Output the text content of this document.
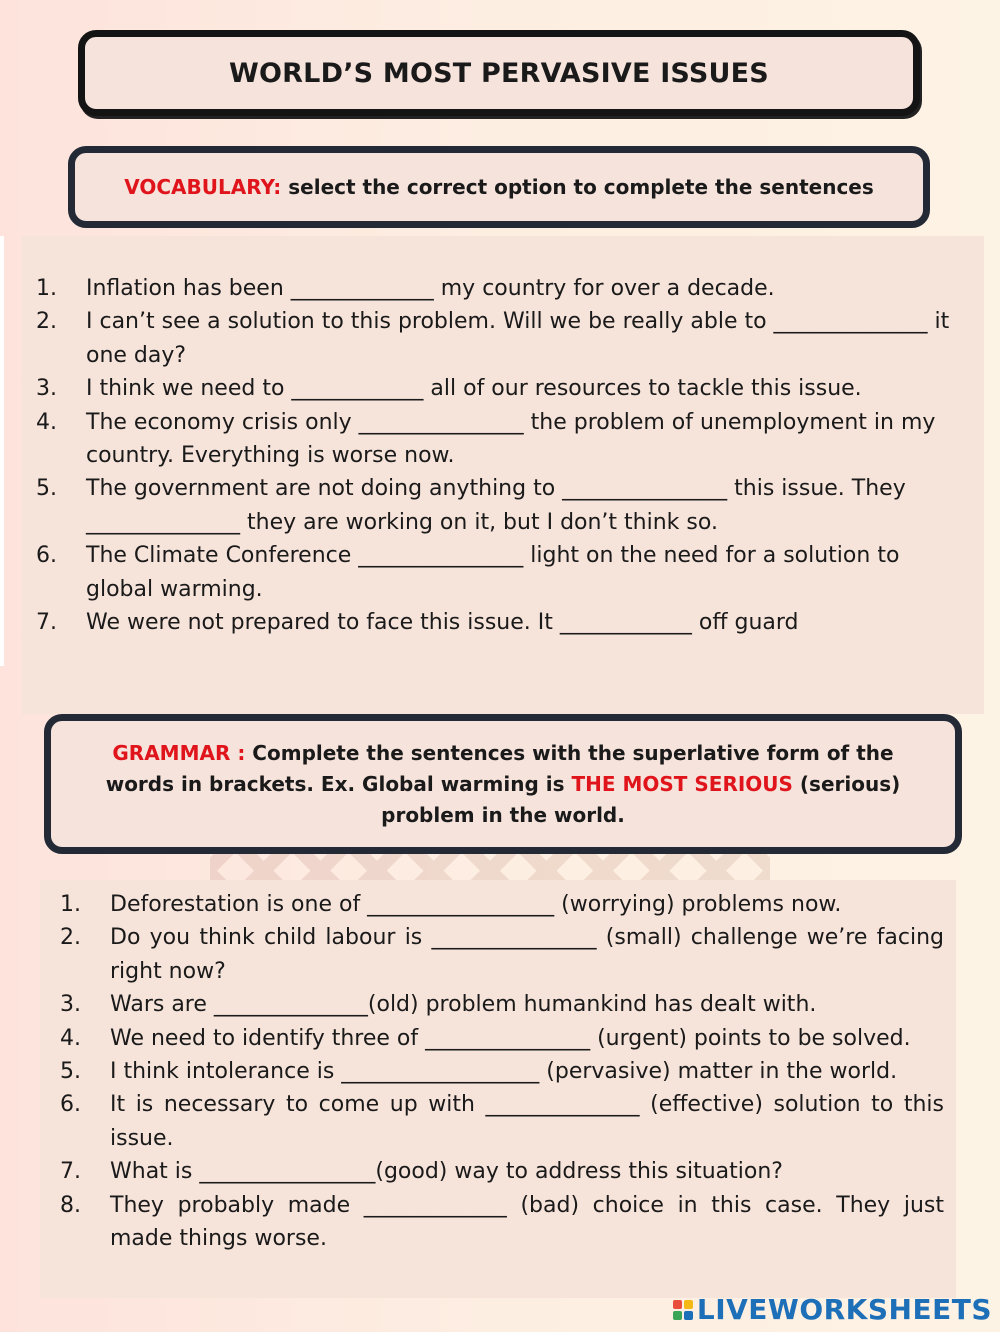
WORLD’S MOST PERVASIVE ISSUES
VOCABULARY: select the correct option to complete the sentences
1.	Inflation has been _____________ my country for over a decade.
2.	I can’t see a solution to this problem. Will we be really able to ______________ it one day?
3.	I think we need to ____________ all of our resources to tackle this issue.
4.	The economy crisis only _______________ the problem of unemployment in my country. Everything is worse now.
5.	The government are not doing anything to _______________ this issue. They ______________ they are working on it, but I don’t think so.
6.	The Climate Conference _______________ light on the need for a solution to global warming.
7.	We were not prepared to face this issue. It ____________ off guard
GRAMMAR : Complete the sentences with the superlative form of the words in brackets. Ex. Global warming is THE MOST SERIOUS (serious) problem in the world.
1.	Deforestation is one of _________________ (worrying) problems now.
2.	Do you think child labour is _______________ (small) challenge we’re facing right now?
3.	Wars are ______________(old) problem humankind has dealt with.
4.	We need to identify three of _______________ (urgent) points to be solved.
5.	I think intolerance is __________________ (pervasive) matter in the world.
6.	It is necessary to come up with ______________ (effective) solution to this issue.
7.	What is ________________(good) way to address this situation?
8.	They probably made _____________ (bad) choice in this case. They just made things worse.
LIVEWORKSHEETS
